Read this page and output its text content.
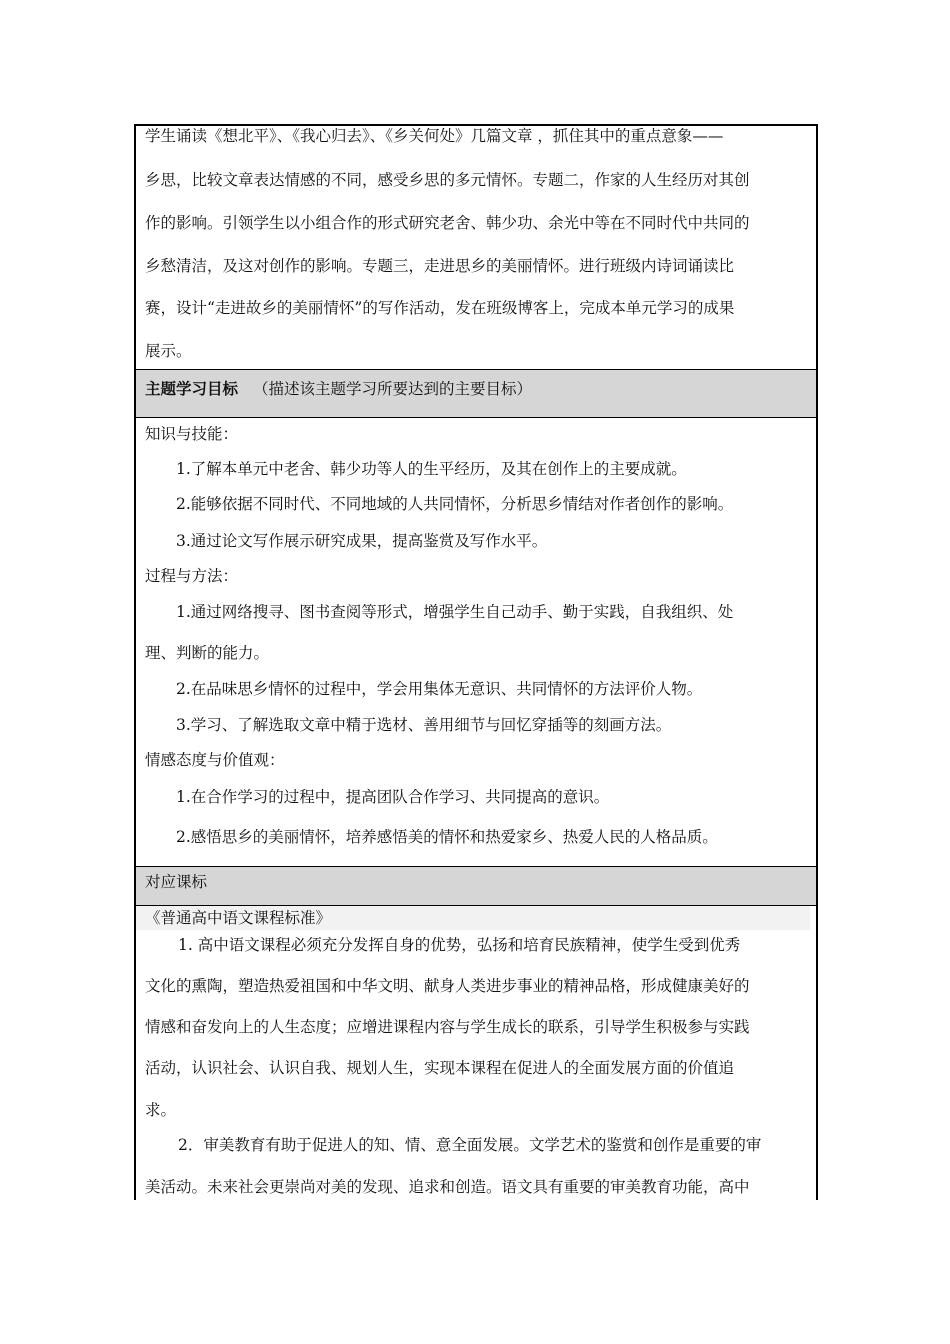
学生诵读《想北平》、《我心归去》、《乡关何处》几篇文章 ，抓住其中的重点意象——
乡思，比较文章表达情感的不同，感受乡思的多元情怀。专题二，作家的人生经历对其创
作的影响。引领学生以小组合作的形式研究老舍、韩少功、余光中等在不同时代中共同的
乡愁清洁，及这对创作的影响。专题三，走进思乡的美丽情怀。进行班级内诗词诵读比
赛，设计“走进故乡的美丽情怀”的写作活动，发在班级博客上，完成本单元学习的成果
展示。
主题学习目标 （描述该主题学习所要达到的主要目标）
知识与技能：
1.了解本单元中老舍、韩少功等人的生平经历，及其在创作上的主要成就。
2.能够依据不同时代、不同地域的人共同情怀，分析思乡情结对作者创作的影响。
3.通过论文写作展示研究成果，提高鉴赏及写作水平。
过程与方法：
1.通过网络搜寻、图书查阅等形式，增强学生自己动手、勤于实践，自我组织、处
理、判断的能力。
2.在品味思乡情怀的过程中，学会用集体无意识、共同情怀的方法评价人物。
3.学习、了解选取文章中精于选材、善用细节与回忆穿插等的刻画方法。
情感态度与价值观：
1.在合作学习的过程中，提高团队合作学习、共同提高的意识。
2.感悟思乡的美丽情怀，培养感悟美的情怀和热爱家乡、热爱人民的人格品质。
对应课标
《普通高中语文课程标准》
1. 高中语文课程必须充分发挥自身的优势，弘扬和培育民族精神，使学生受到优秀
文化的熏陶，塑造热爱祖国和中华文明、献身人类进步事业的精神品格，形成健康美好的
情感和奋发向上的人生态度；应增进课程内容与学生成长的联系，引导学生积极参与实践
活动，认识社会、认识自我、规划人生，实现本课程在促进人的全面发展方面的价值追
求。
2．审美教育有助于促进人的知、情、意全面发展。文学艺术的鉴赏和创作是重要的审
美活动。未来社会更崇尚对美的发现、追求和创造。语文具有重要的审美教育功能，高中
